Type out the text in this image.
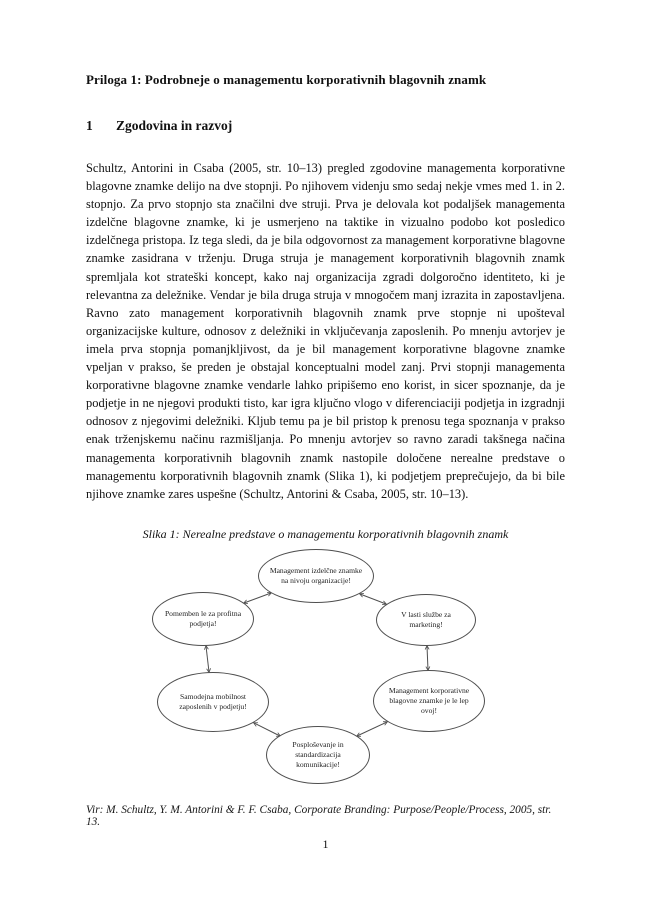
Priloga 1: Podrobneje o managementu korporativnih blagovnih znamk
1	Zgodovina in razvoj

Schultz, Antorini in Csaba (2005, str. 10–13) pregled zgodovine managementa korporativne blagovne znamke delijo na dve stopnji. Po njihovem videnju smo sedaj nekje vmes med 1. in 2. stopnjo. Za prvo stopnjo sta značilni dve struji. Prva je delovala kot podaljšek managementa izdelčne blagovne znamke, ki je usmerjeno na taktike in vizualno podobo kot posledico izdelčnega pristopa. Iz tega sledi, da je bila odgovornost za management korporativne blagovne znamke zasidrana v trženju. Druga struja je management korporativnih blagovnih znamk spremljala kot strateški koncept, kako naj organizacija zgradi dolgoročno identiteto, ki je relevantna za deležnike. Vendar je bila druga struja v mnogočem manj izrazita in zapostavljena. Ravno zato management korporativnih blagovnih znamk prve stopnje ni upošteval organizacijske kulture, odnosov z deležniki in vključevanja zaposlenih. Po mnenju avtorjev je imela prva stopnja pomanjkljivost, da je bil management korporativne blagovne znamke vpeljan v prakso, še preden je obstajal konceptualni model zanj. Prvi stopnji managementa korporativne blagovne znamke vendarle lahko pripišemo eno korist, in sicer spoznanje, da je podjetje in ne njegovi produkti tisto, kar igra ključno vlogo v diferenciaciji podjetja in izgradnji odnosov z njegovimi deležniki. Kljub temu pa je bil pristop k prenosu tega spoznanja v prakso enak trženjskemu načinu razmišljanja. Po mnenju avtorjev so ravno zaradi takšnega načina managementa korporativnih blagovnih znamk nastopile določene nerealne predstave o managementu korporativnih blagovnih znamk (Slika 1), ki podjetjem preprečujejo, da bi bile njihove znamke zares uspešne (Schultz, Antorini & Csaba, 2005, str. 10–13).

Slika 1: Nerealne predstave o managementu korporativnih blagovnih znamk
Management izdelčne znamke na nivoju organizacije!
V lasti službe za marketing!
Management korporativne blagovne znamke je le lep ovoj!
Posploševanje in standardizacija komunikacije!
Samodejna mobilnost zaposlenih v podjetju!
Pomemben le za profitna podjetja!
Vir: M. Schultz, Y. M. Antorini & F. F. Csaba, Corporate Branding: Purpose/People/Process, 2005, str. 13.
1
